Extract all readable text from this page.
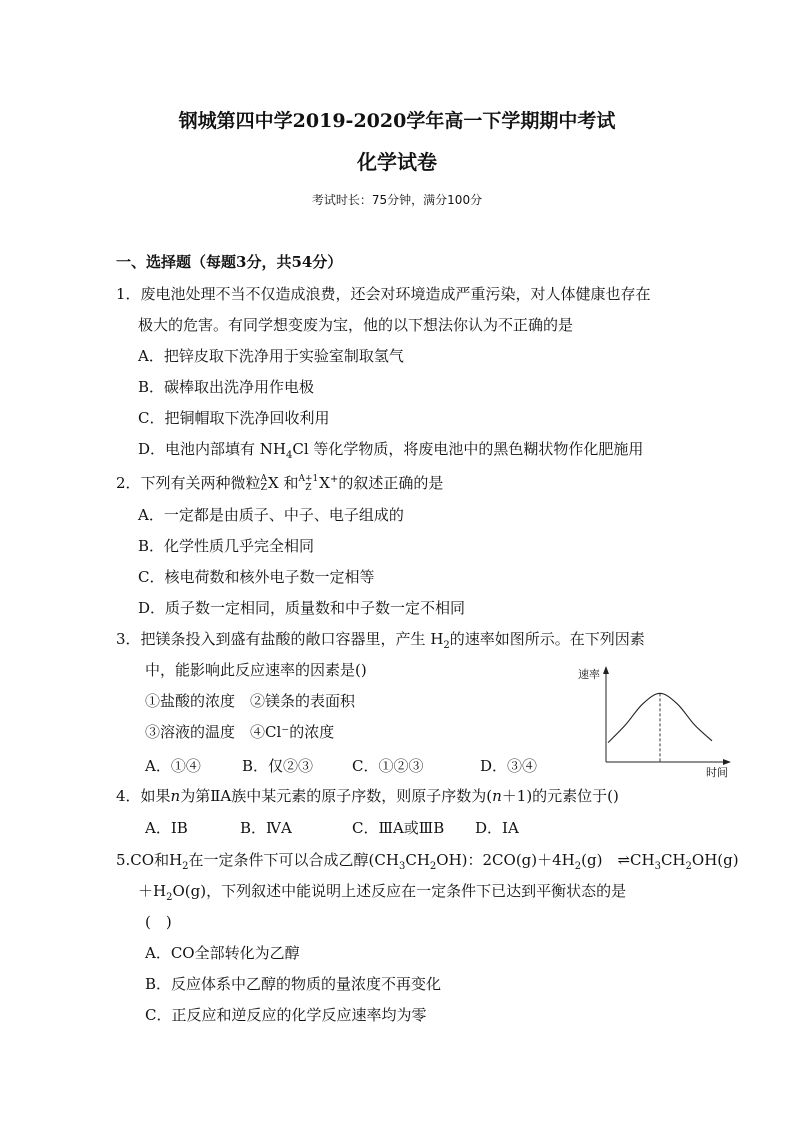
钢城第四中学2019-2020学年高一下学期期中考试
化学试卷
考试时长：75分钟，满分100分
一、选择题（每题3分，共54分）
1．废电池处理不当不仅造成浪费，还会对环境造成严重污染，对人体健康也存在
极大的危害。有同学想变废为宝，他的以下想法你认为不正确的是
A．把锌皮取下洗净用于实验室制取氢气
B．碳棒取出洗净用作电极
C．把铜帽取下洗净回收利用
D．电池内部填有 $NH_4Cl$ 等化学物质，将废电池中的黑色糊状物作化肥施用
2．下列有关两种微粒 A
Z X 和 A+1
Z X+的叙述正确的是
A．一定都是由质子、中子、电子组成的
B．化学性质几乎完全相同
C．核电荷数和核外电子数一定相等
D．质子数一定相同，质量数和中子数一定不相同
3．把镁条投入到盛有盐酸的敞口容器里，产生 $H_2$的速率如图所示。在下列因素
中，能影响此反应速率的因素是()
①盐酸的浓度　②镁条的表面积
③溶液的温度　④Cl⁻的浓度
A．①④	B．仅②③	C．①②③	D．③④
速率
时间
4．如果n为第ⅡA族中某元素的原子序数，则原子序数为(n＋1)的元素位于()
A．ⅠB	B．ⅣA	C．ⅢA或ⅢB D．ⅠA
5.CO和$H_2$在一定条件下可以合成乙醇$(CH_3CH_2OH)$：$2CO(g)+4H_2(g)$　$\rightleftharpoons CH_3CH_2OH(g)$
$+H_2O(g)$，下列叙述中能说明上述反应在一定条件下已达到平衡状态的是
(　)
A．CO全部转化为乙醇
B．反应体系中乙醇的物质的量浓度不再变化
C．正反应和逆反应的化学反应速率均为零
